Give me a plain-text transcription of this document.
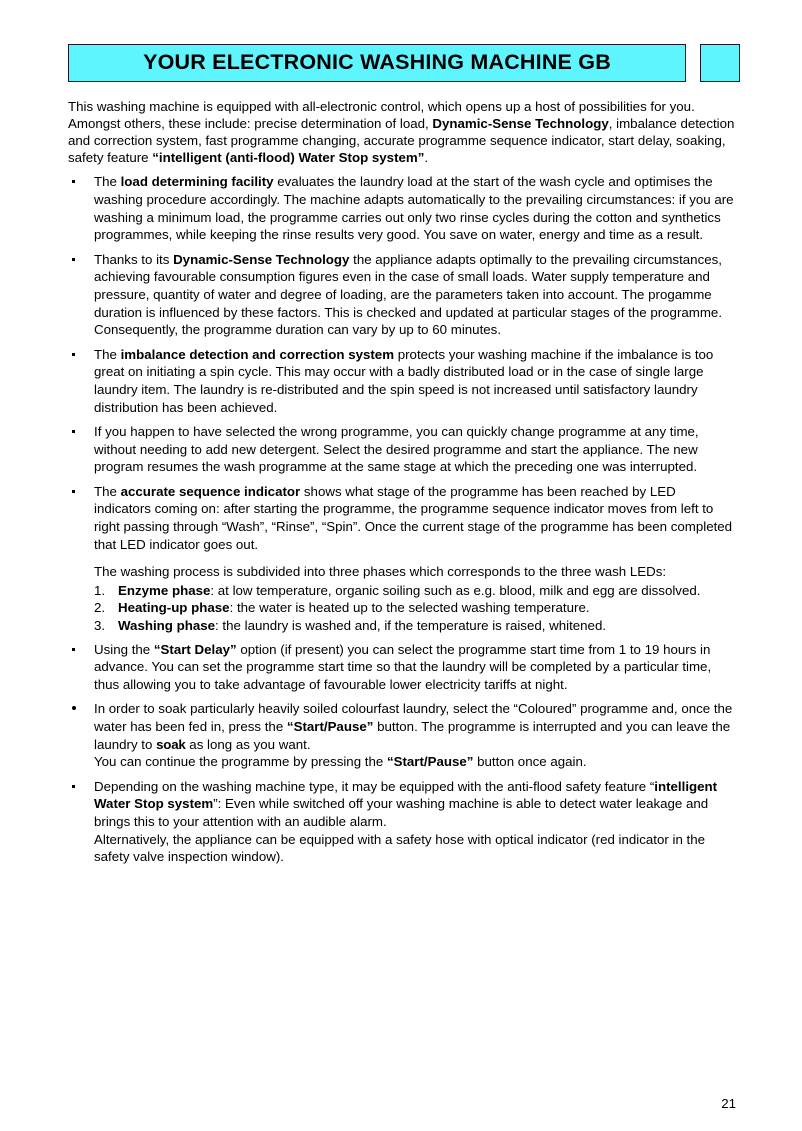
YOUR ELECTRONIC WASHING MACHINE GB

This washing machine is equipped with all-electronic control, which opens up a host of possibilities for you. Amongst others, these include: precise determination of load, Dynamic-Sense Technology, imbalance detection and correction system, fast programme changing, accurate programme sequence indicator, start delay, soaking, safety feature “intelligent (anti-flood) Water Stop system”.

The load determining facility evaluates the laundry load at the start of the wash cycle and optimises the washing procedure accordingly. The machine adapts automatically to the prevailing circumstances: if you are washing a minimum load, the programme carries out only two rinse cycles during the cotton and synthetics programmes, while keeping the rinse results very good. You save on water, energy and time as a result.

Thanks to its Dynamic-Sense Technology the appliance adapts optimally to the prevailing circumstances, achieving favourable consumption figures even in the case of small loads. Water supply temperature and pressure, quantity of water and degree of loading, are the parameters taken into account. The progamme duration is influenced by these factors. This is checked and updated at particular stages of the programme. Consequently, the programme duration can vary by up to 60 minutes.

The imbalance detection and correction system protects your washing machine if the imbalance is too great on initiating a spin cycle. This may occur with a badly distributed load or in the case of single large laundry item. The laundry is re-distributed and the spin speed is not increased until satisfactory laundry distribution has been achieved.

If you happen to have selected the wrong programme, you can quickly change programme at any time, without needing to add new detergent. Select the desired programme and start the appliance. The new program resumes the wash programme at the same stage at which the preceding one was interrupted.

The accurate sequence indicator shows what stage of the programme has been reached by LED indicators coming on: after starting the programme, the programme sequence indicator moves from left to right passing through “Wash”, “Rinse”, “Spin”. Once the current stage of the programme has been completed that LED indicator goes out.

The washing process is subdivided into three phases which corresponds to the three wash LEDs:

1. Enzyme phase: at low temperature, organic soiling such as e.g. blood, milk and egg are dissolved.
2. Heating-up phase: the water is heated up to the selected washing temperature.
3. Washing phase: the laundry is washed and, if the temperature is raised, whitened.

Using the “Start Delay” option (if present) you can select the programme start time from 1 to 19 hours in advance. You can set the programme start time so that the laundry will be completed by a particular time, thus allowing you to take advantage of favourable lower electricity tariffs at night.

In order to soak particularly heavily soiled colourfast laundry, select the “Coloured” programme and, once the water has been fed in, press the “Start/Pause” button. The programme is interrupted and you can leave the laundry to soak as long as you want.

You can continue the programme by pressing the “Start/Pause” button once again.

Depending on the washing machine type, it may be equipped with the anti-flood safety feature “intelligent Water Stop system”: Even while switched off your washing machine is able to detect water leakage and brings this to your attention with an audible alarm.

Alternatively, the appliance can be equipped with a safety hose with optical indicator (red indicator in the safety valve inspection window).

21
